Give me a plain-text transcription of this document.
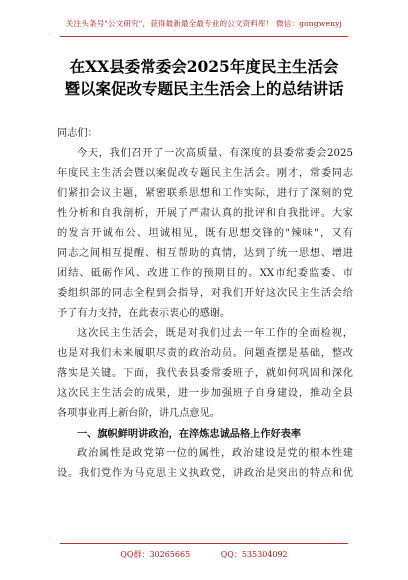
关注头条号"公文研究"，获得最新最全最专业的公文资料库！ 微信：gongwenyj
在XX县委常委会2025年度民主生活会
暨以案促改专题民主生活会上的总结讲话
同志们：
今天，我们召开了一次高质量、有深度的县委常委会2025
年度民主生活会暨以案促改专题民主生活会。刚才，常委同志
们紧扣会议主题，紧密联系思想和工作实际，进行了深刻的党
性分析和自我剖析，开展了严肃认真的批评和自我批评。大家
的发言开诚布公、坦诚相见，既有思想交锋的"辣味"，又有
同志之间相互提醒、相互帮助的真情，达到了统一思想、增进
团结、砥砺作风、改进工作的预期目的。XX市纪委监委、市
委组织部的同志全程到会指导，对我们开好这次民主生活会给
予了有力支持，在此表示衷心的感谢。
这次民主生活会，既是对我们过去一年工作的全面检视，
也是对我们未来履职尽责的政治动员。问题查摆是基础，整改
落实是关键。下面，我代表县委常委班子，就如何巩固和深化
这次民主生活会的成果，进一步加强班子自身建设，推动全县
各项事业再上新台阶，讲几点意见。
一、旗帜鲜明讲政治，在淬炼忠诚品格上作好表率
政治属性是政党第一位的属性，政治建设是党的根本性建
设。我们党作为马克思主义执政党，讲政治是突出的特点和优
QQ群：30265665	QQ：535304092
